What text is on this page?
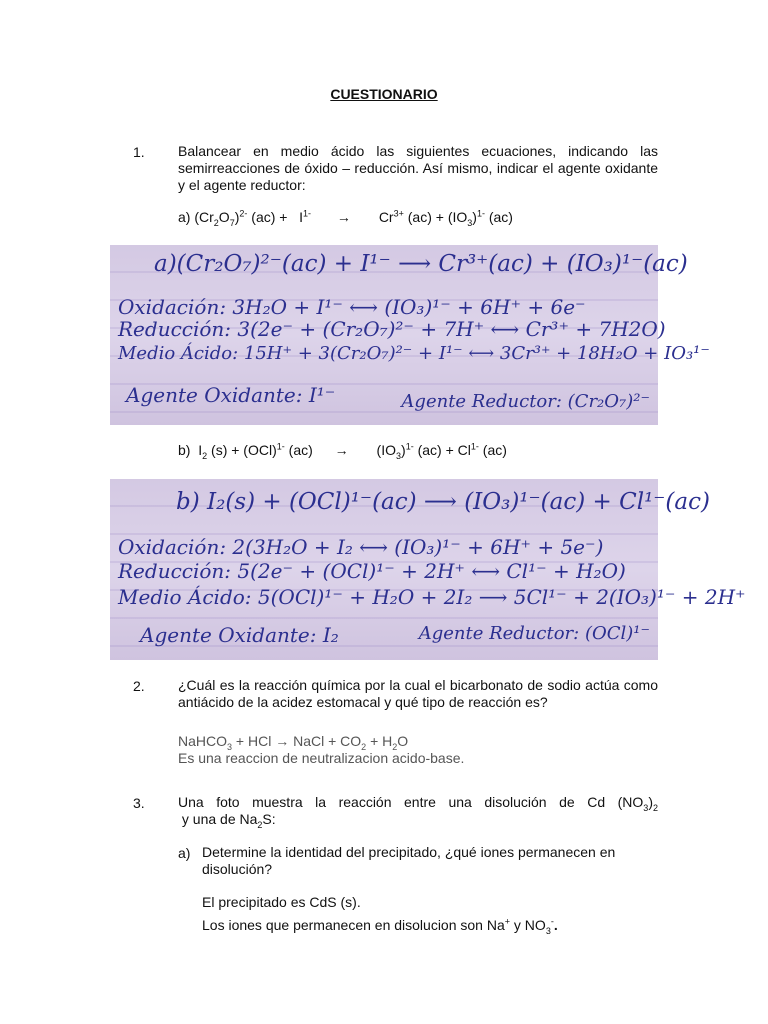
CUESTIONARIO
1. Balancear en medio ácido las siguientes ecuaciones, indicando las semirreacciones de óxido – reducción. Así mismo, indicar el agente oxidante y el agente reductor:
a) $(Cr_2O_7)^{2-}$ $(ac) + I^{1-} \to Cr^{3+}$ $(ac) + (IO_3)^{1-}$ (ac)
a)(Cr₂O₇)²⁻(ac) + I¹⁻ ⟶ Cr³⁺(ac) + (IO₃)¹⁻(ac)
Oxidación: 3H₂O + I¹⁻ ⟷ (IO₃)¹⁻ + 6H⁺ + 6e⁻
Reducción: 3(2e⁻ + (Cr₂O₇)²⁻ + 7H⁺ ⟷ Cr³⁺ + 7H2O)
Medio Ácido: 15H⁺ + 3(Cr₂O₇)²⁻ + I¹⁻ ⟷ 3Cr³⁺ + 18H₂O + IO₃¹⁻
Agente Oxidante: I¹⁻	Agente Reductor: (Cr₂O₇)²⁻
b)  $I_2$ (s) + (OCl)$^{1-}$ $(ac) \to (IO_3)^{1-}$ $(ac) + Cl^{1-}$ (ac)
b) I₂(s) + (OCl)¹⁻(ac) ⟶ (IO₃)¹⁻(ac) + Cl¹⁻(ac)
Oxidación: 2(3H₂O + I₂ ⟷ (IO₃)¹⁻ + 6H⁺ + 5e⁻)
Reducción: 5(2e⁻ + (OCl)¹⁻ + 2H⁺ ⟷ Cl¹⁻ + H₂O)
Medio Ácido: 5(OCl)¹⁻ + H₂O + 2I₂ ⟶ 5Cl¹⁻ + 2(IO₃)¹⁻ + 2H⁺
Agente Oxidante: I₂	Agente Reductor: (OCl)¹⁻
2. ¿Cuál es la reacción química por la cual el bicarbonato de sodio actúa como antiácido de la acidez estomacal y qué tipo de reacción es?
NaHCO$_3$ + HCl → NaCl + $CO_2 + H_2O$
Es una reaccion de neutralizacion acido-base.
3. Una foto muestra la reacción entre una disolución de Cd $(NO_3)_2$ y una de $Na_2S$:
a) Determine la identidad del precipitado, ¿qué iones permanecen en disolución?
El precipitado es CdS (s).
Los iones que permanecen en disolucion son Na+ y $NO_3^-$.
